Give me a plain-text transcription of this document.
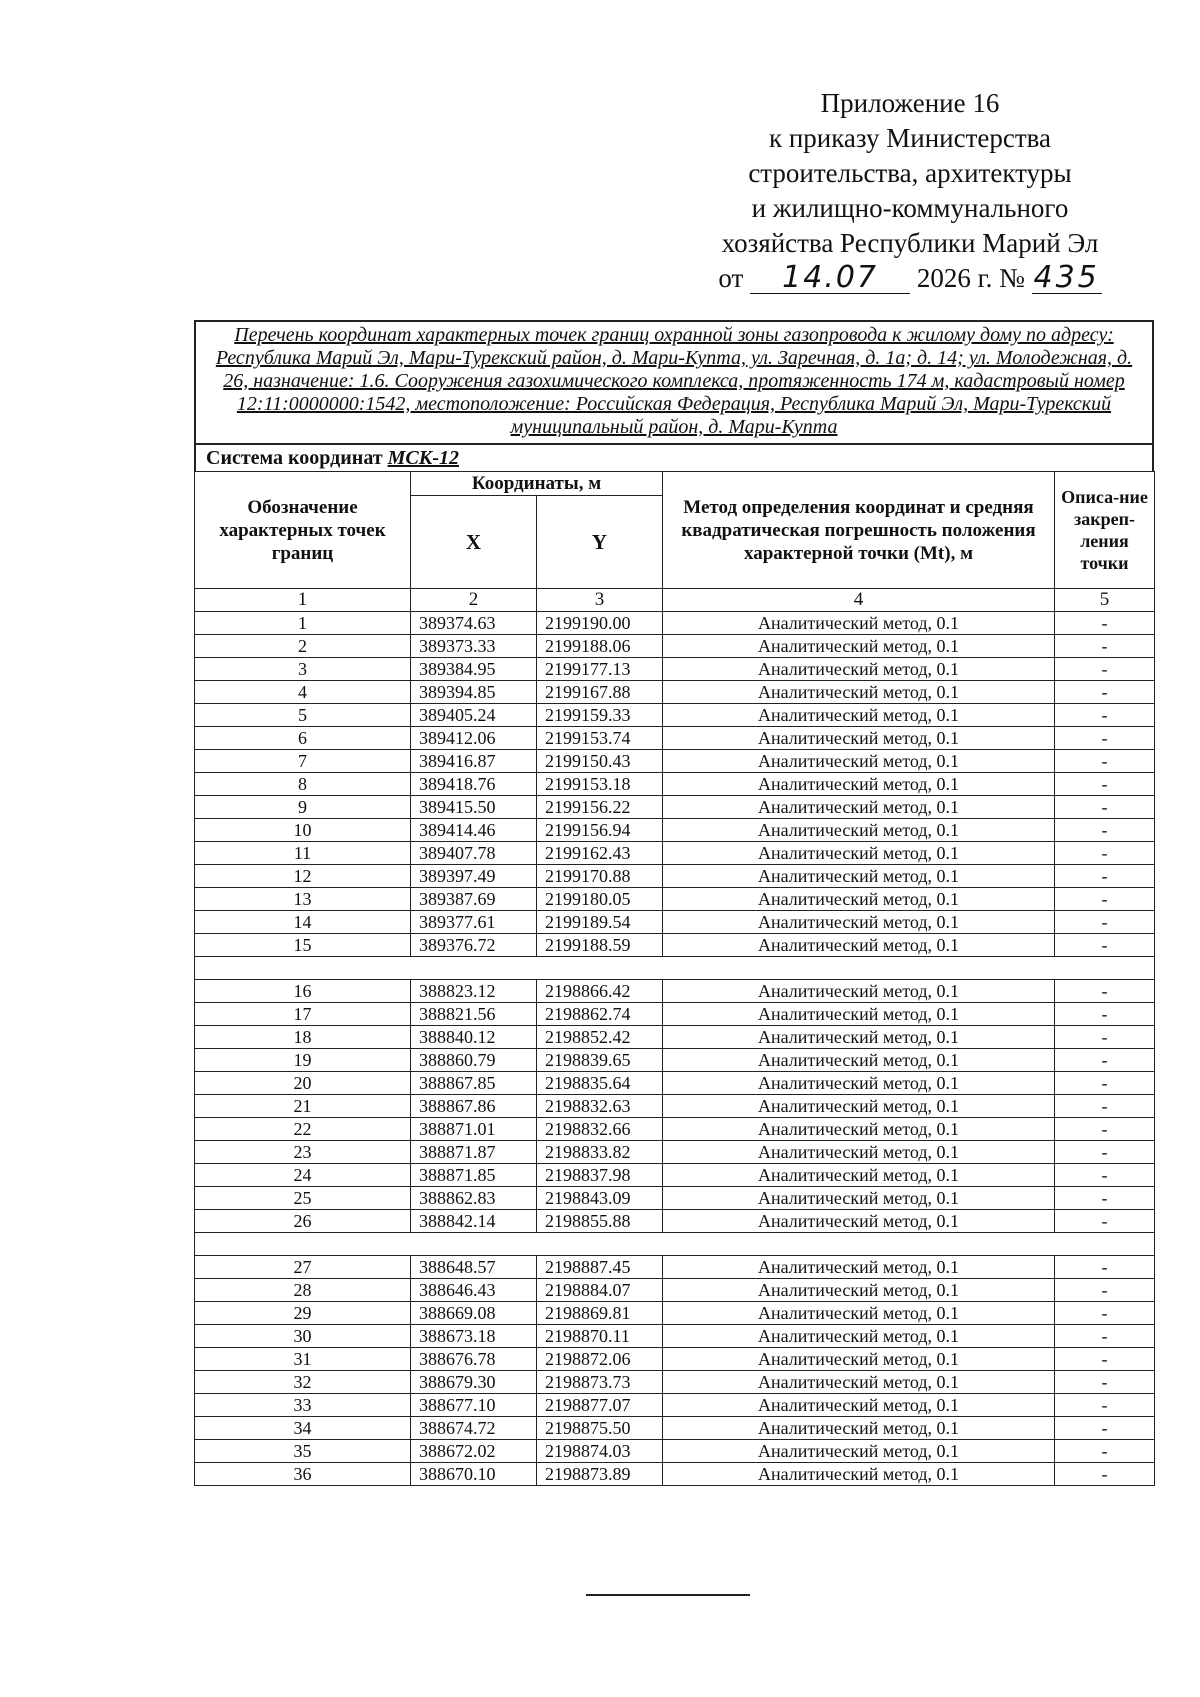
Приложение 16
к приказу Министерства
строительства, архитектуры
и жилищно-коммунального
хозяйства Республики Марий Эл
от 14.07 2026 г. № 435
Перечень координат характерных точек границ охранной зоны газопровода к жилому дому по адресу: Республика Марий Эл, Мари-Турекский район, д. Мари-Купта, ул. Заречная, д. 1а; д. 14; ул. Молодежная, д. 26, назначение: 1.6. Сооружения газохимического комплекса, протяженность 174 м, кадастровый номер 12:11:0000000:1542, местоположение: Российская Федерация, Республика Марий Эл, Мари-Турекский муниципальный район, д. Мари-Купта
Система координат МСК-12
Обозначение характерных точек границ	Координаты, м		Метод определения координат и средняя квадратическая погрешность положения характерной точки (Mt), м	Описа-ние закреп-ления точки
	X	Y		
1	2	3	4	5
1	389374.63	2199190.00	Аналитический метод, 0.1	-
2	389373.33	2199188.06	Аналитический метод, 0.1	-
3	389384.95	2199177.13	Аналитический метод, 0.1	-
4	389394.85	2199167.88	Аналитический метод, 0.1	-
5	389405.24	2199159.33	Аналитический метод, 0.1	-
6	389412.06	2199153.74	Аналитический метод, 0.1	-
7	389416.87	2199150.43	Аналитический метод, 0.1	-
8	389418.76	2199153.18	Аналитический метод, 0.1	-
9	389415.50	2199156.22	Аналитический метод, 0.1	-
10	389414.46	2199156.94	Аналитический метод, 0.1	-
11	389407.78	2199162.43	Аналитический метод, 0.1	-
12	389397.49	2199170.88	Аналитический метод, 0.1	-
13	389387.69	2199180.05	Аналитический метод, 0.1	-
14	389377.61	2199189.54	Аналитический метод, 0.1	-
15	389376.72	2199188.59	Аналитический метод, 0.1	-

16	388823.12	2198866.42	Аналитический метод, 0.1	-
17	388821.56	2198862.74	Аналитический метод, 0.1	-
18	388840.12	2198852.42	Аналитический метод, 0.1	-
19	388860.79	2198839.65	Аналитический метод, 0.1	-
20	388867.85	2198835.64	Аналитический метод, 0.1	-
21	388867.86	2198832.63	Аналитический метод, 0.1	-
22	388871.01	2198832.66	Аналитический метод, 0.1	-
23	388871.87	2198833.82	Аналитический метод, 0.1	-
24	388871.85	2198837.98	Аналитический метод, 0.1	-
25	388862.83	2198843.09	Аналитический метод, 0.1	-
26	388842.14	2198855.88	Аналитический метод, 0.1	-

27	388648.57	2198887.45	Аналитический метод, 0.1	-
28	388646.43	2198884.07	Аналитический метод, 0.1	-
29	388669.08	2198869.81	Аналитический метод, 0.1	-
30	388673.18	2198870.11	Аналитический метод, 0.1	-
31	388676.78	2198872.06	Аналитический метод, 0.1	-
32	388679.30	2198873.73	Аналитический метод, 0.1	-
33	388677.10	2198877.07	Аналитический метод, 0.1	-
34	388674.72	2198875.50	Аналитический метод, 0.1	-
35	388672.02	2198874.03	Аналитический метод, 0.1	-
36	388670.10	2198873.89	Аналитический метод, 0.1	-
